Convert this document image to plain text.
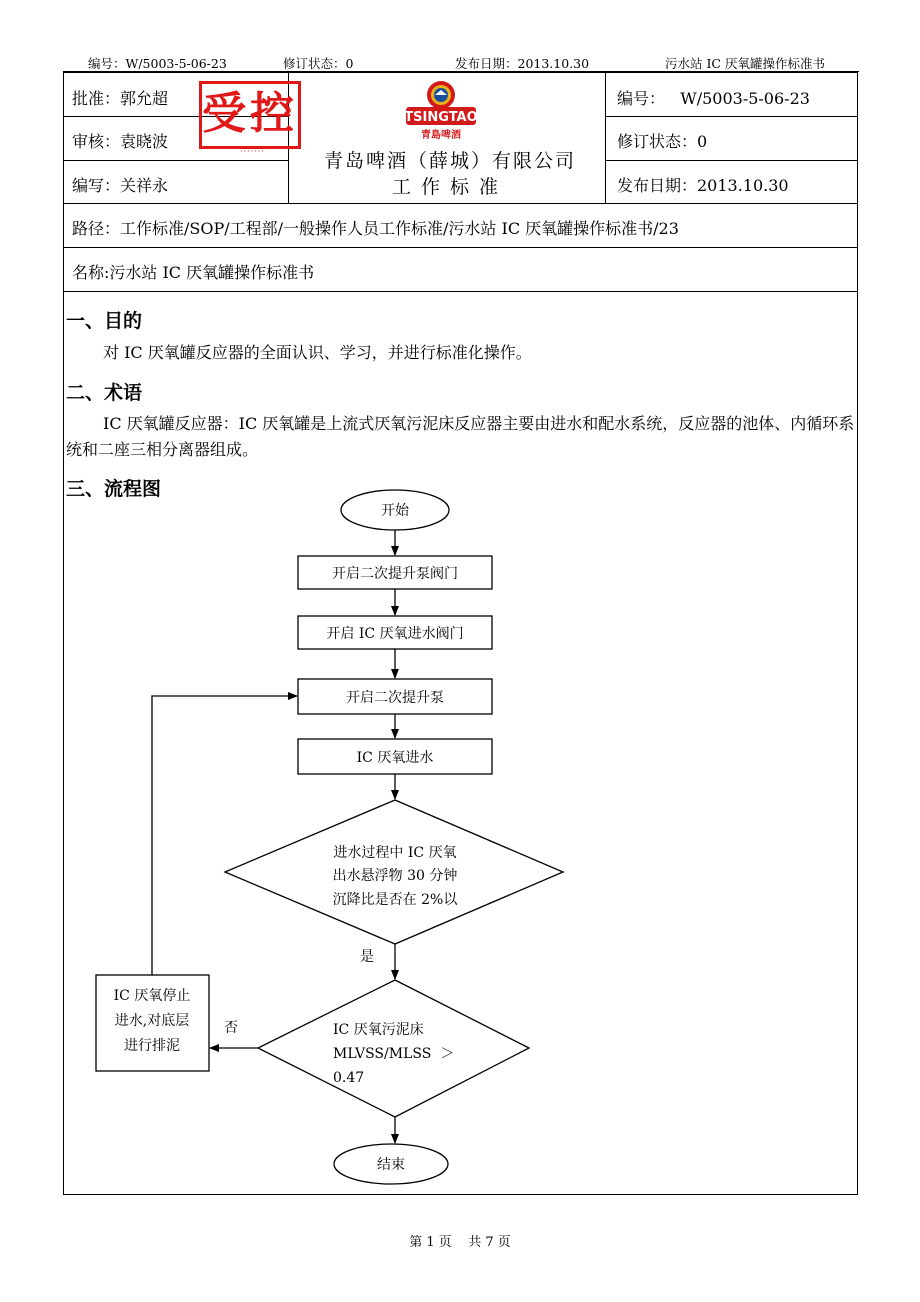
编号：W/5003-5-06-23	修订状态：0	发布日期：2013.10.30	污水站 IC 厌氧罐操作标准书
批准：郭允超
审核：袁晓波
编写：关祥永
编号：   W/5003-5-06-23
修订状态：0
发布日期：2013.10.30
路径：工作标准/SOP/工程部/一般操作人员工作标准/污水站 IC 厌氧罐操作标准书/23
名称:污水站 IC 厌氧罐操作标准书
受控
·······
TSINGTAO
青島啤酒
青岛啤酒（薛城）有限公司
工作标准
一、目的
对 IC 厌氧罐反应器的全面认识、学习，并进行标准化操作。
二、术语
IC 厌氧罐反应器：IC 厌氧罐是上流式厌氧污泥床反应器主要由进水和配水系统，反应器的池体、内循环系统和二座三相分离器组成。
三、流程图
开始
开启二次提升泵阀门
开启 IC 厌氧进水阀门
开启二次提升泵
IC 厌氧进水
进水过程中 IC 厌氧
出水悬浮物 30 分钟
沉降比是否在 2%以
是
否	IC 厌氧污泥床
MLVSS/MLSS  ＞
0.47
IC 厌氧停止
进水,对底层
进行排泥
结束
第 1 页    共 7 页
